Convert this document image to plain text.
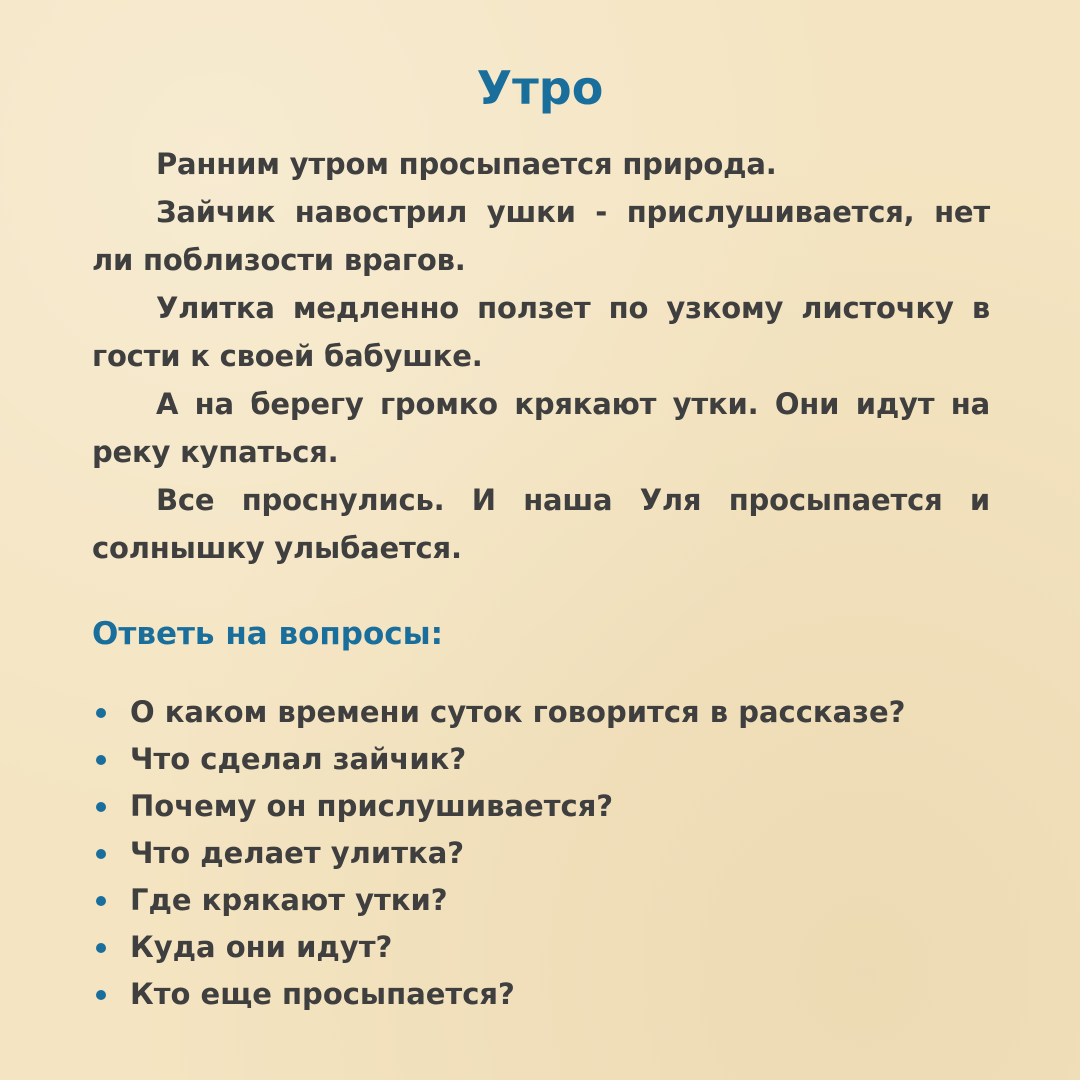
Утро

Ранним утром просыпается природа.

Зайчик навострил ушки - прислушивается, нет ли поблизости врагов.

Улитка медленно ползет по узкому листочку в гости к своей бабушке.

А на берегу громко крякают утки. Они идут на реку купаться.

Все проснулись. И наша Уля просыпается и солнышку улыбается.

Ответь на вопросы:
О каком времени суток говорится в рассказе?
Что сделал зайчик?
Почему он прислушивается?
Что делает улитка?
Где крякают утки?
Куда они идут?
Кто еще просыпается?
